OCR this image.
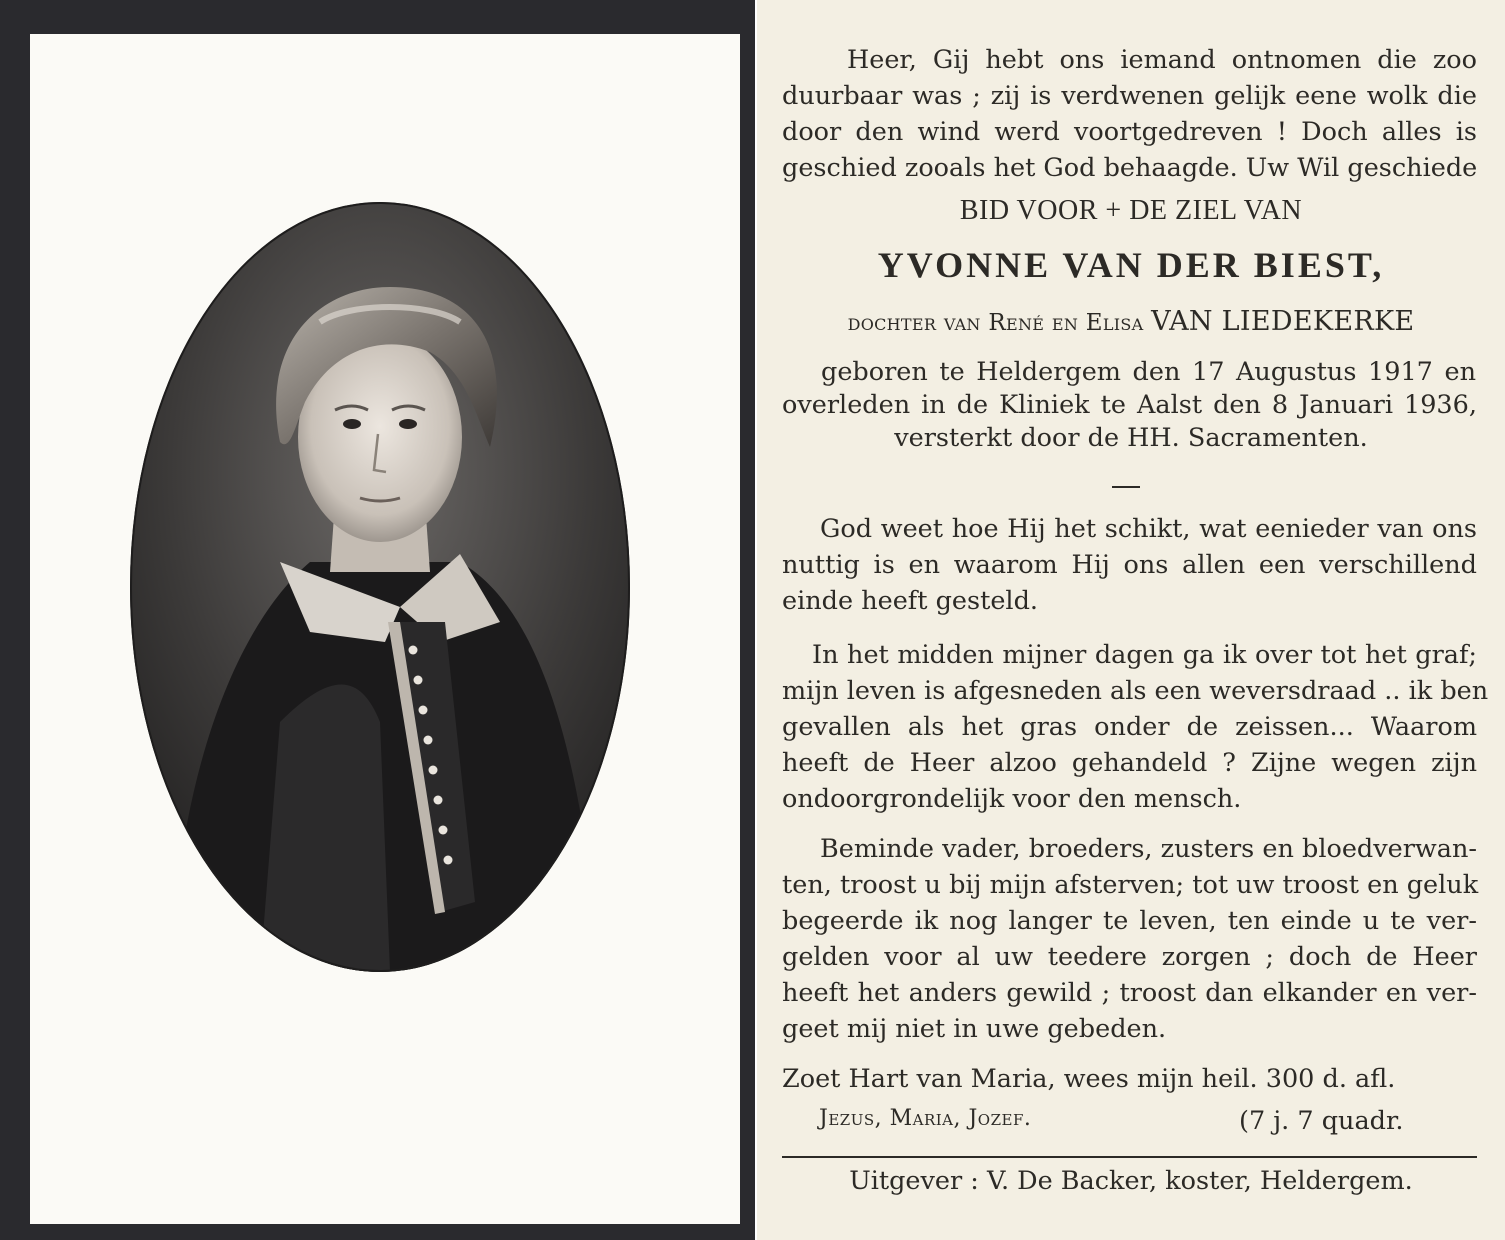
Heer, Gij hebt ons iemand ontnomen die zoo

duurbaar was ; zij is verdwenen gelijk eene wolk die

door den wind werd voortgedreven ! Doch alles is

geschied zooals het God behaagde. Uw Wil geschiede

BID VOOR + DE ZIEL VAN

YVONNE VAN DER BIEST,

dochter van René en Elisa VAN LIEDEKERKE

geboren te Heldergem den 17 Augustus 1917 en

overleden in de Kliniek te Aalst den 8 Januari 1936,

versterkt door de HH. Sacramenten.

God weet hoe Hij het schikt, wat eenieder van ons

nuttig is en waarom Hij ons allen een verschillend

einde heeft gesteld.

In het midden mijner dagen ga ik over tot het graf;

mijn leven is afgesneden als een weversdraad .. ik ben

gevallen als het gras onder de zeissen... Waarom

heeft de Heer alzoo gehandeld ? Zijne wegen zijn

ondoorgrondelijk voor den mensch.

Beminde vader, broeders, zusters en bloedverwan-

ten, troost u bij mijn afsterven; tot uw troost en geluk

begeerde ik nog langer te leven, ten einde u te ver-

gelden voor al uw teedere zorgen ; doch de Heer

heeft het anders gewild ; troost dan elkander en ver-

geet mij niet in uwe gebeden.

Zoet Hart van Maria, wees mijn heil. 300 d. afl.

Jezus, Maria, Jozef.	(7 j. 7 quadr.

Uitgever : V. De Backer, koster, Heldergem.
